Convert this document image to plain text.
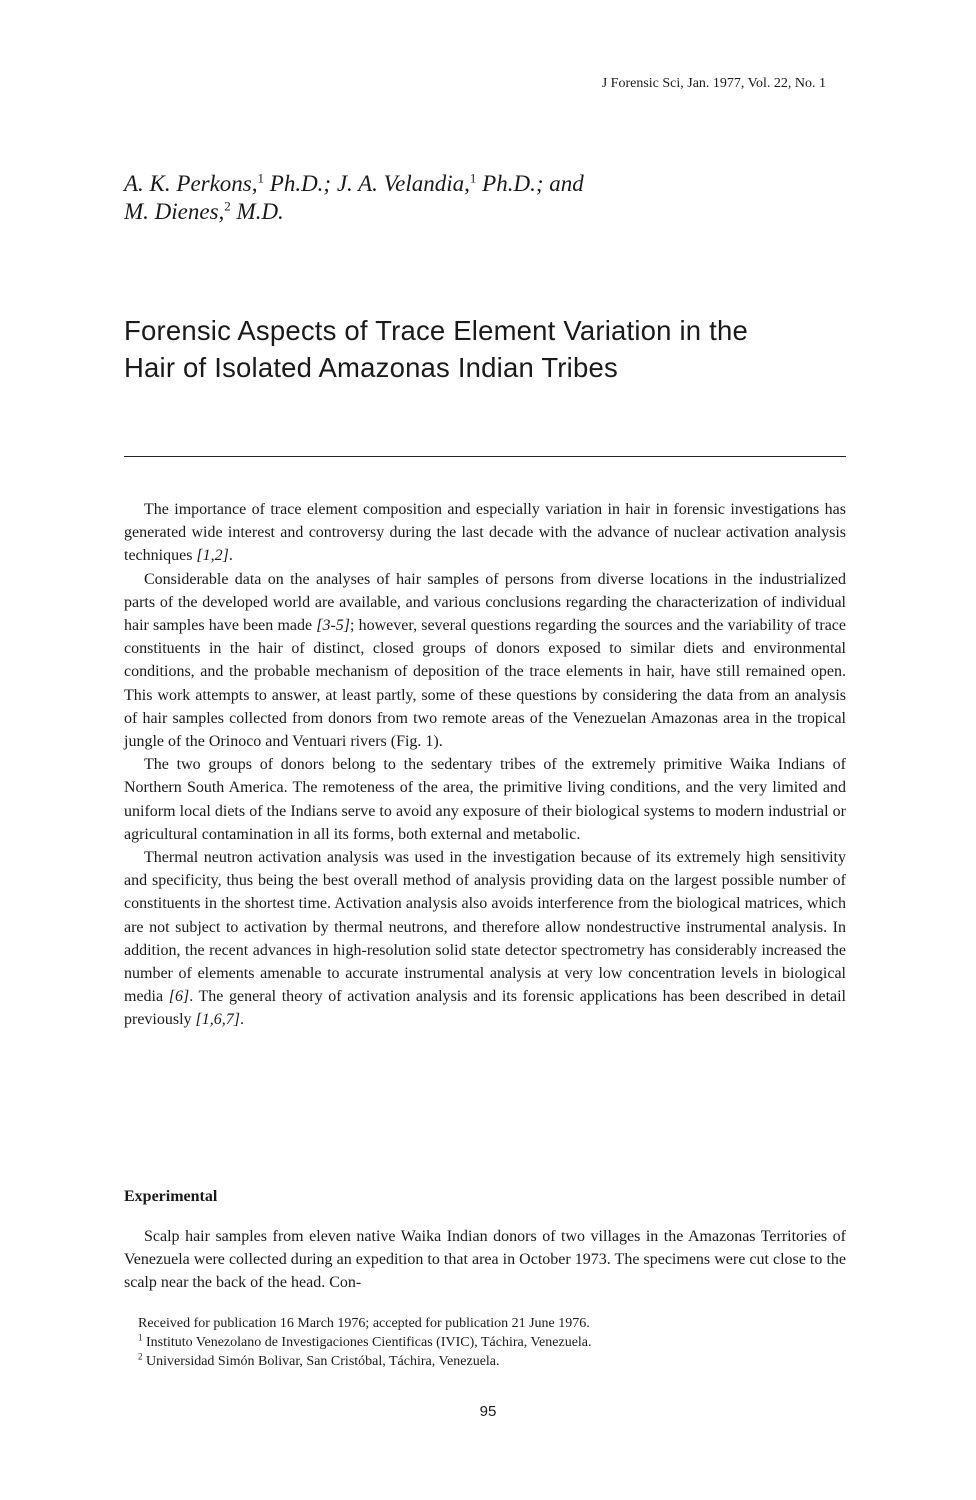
J Forensic Sci, Jan. 1977, Vol. 22, No. 1
A. K. Perkons,$^1$ Ph.D.; J. A. Velandia,$^1$ Ph.D.; and
M. Dienes,$^2$ M.D.
Forensic Aspects of Trace Element Variation in the
Hair of Isolated Amazonas Indian Tribes

The importance of trace element composition and especially variation in hair in forensic investigations has generated wide interest and controversy during the last decade with the advance of nuclear activation analysis techniques [1,2].

Considerable data on the analyses of hair samples of persons from diverse locations in the industrialized parts of the developed world are available, and various conclusions regarding the characterization of individual hair samples have been made [3-5]; however, several questions regarding the sources and the variability of trace constituents in the hair of distinct, closed groups of donors exposed to similar diets and environmental conditions, and the probable mechanism of deposition of the trace elements in hair, have still remained open. This work attempts to answer, at least partly, some of these questions by considering the data from an analysis of hair samples collected from donors from two remote areas of the Venezuelan Amazonas area in the tropical jungle of the Orinoco and Ventuari rivers (Fig. 1).

The two groups of donors belong to the sedentary tribes of the extremely primitive Waika Indians of Northern South America. The remoteness of the area, the primitive living conditions, and the very limited and uniform local diets of the Indians serve to avoid any exposure of their biological systems to modern industrial or agricultural contamination in all its forms, both external and metabolic.

Thermal neutron activation analysis was used in the investigation because of its extremely high sensitivity and specificity, thus being the best overall method of analysis providing data on the largest possible number of constituents in the shortest time. Activation analysis also avoids interference from the biological matrices, which are not subject to activation by thermal neutrons, and therefore allow nondestructive instrumental analysis. In addition, the recent advances in high-resolution solid state detector spectrometry has considerably increased the number of elements amenable to accurate instrumental analysis at very low concentration levels in biological media [6]. The general theory of activation analysis and its forensic applications has been described in detail previously [1,6,7].

Experimental

Scalp hair samples from eleven native Waika Indian donors of two villages in the Amazonas Territories of Venezuela were collected during an expedition to that area in October 1973. The specimens were cut close to the scalp near the back of the head. Con-

Received for publication 16 March 1976; accepted for publication 21 June 1976.
$^1$ Instituto Venezolano de Investigaciones Cientificas (IVIC), Táchira, Venezuela.
$^2$ Universidad Simón Bolivar, San Cristóbal, Táchira, Venezuela.
95
